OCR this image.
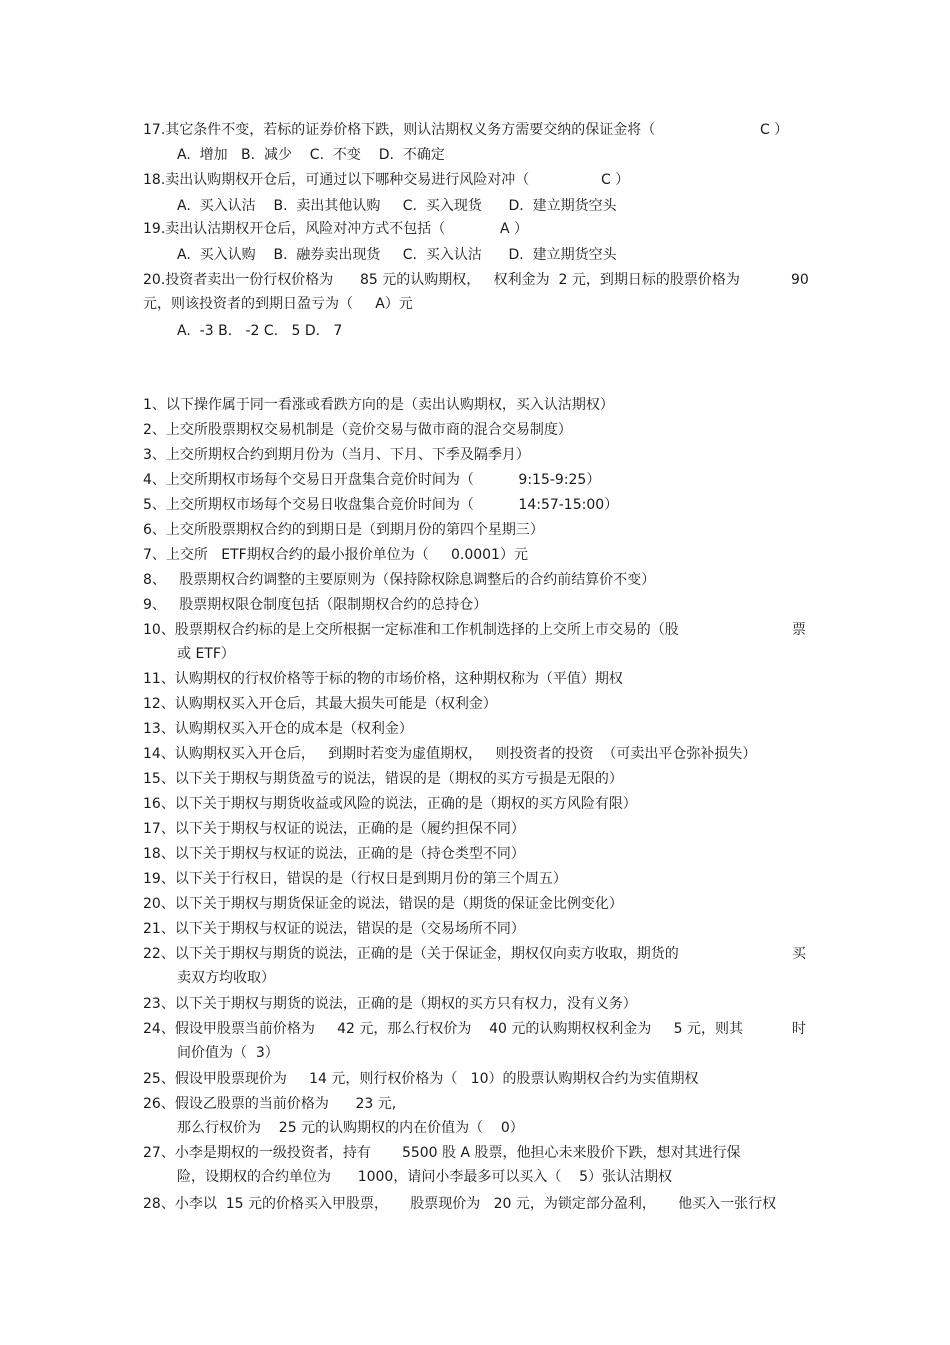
17.其它条件不变，若标的证券价格下跌，则认沽期权义务方需要交纳的保证金将（	C ）
A.  增加   B.  减少    C.  不变    D.  不确定
18.卖出认购期权开仓后，可通过以下哪种交易进行风险对冲（	C ）
A.  买入认沽    B.  卖出其他认购     C.  买入现货      D.  建立期货空头
19.卖出认沽期权开仓后，风险对冲方式不包括（	A ）
A.  买入认购    B.  融券卖出现货     C.  买入认沽      D.  建立期货空头
20.投资者卖出一份行权价格为      85 元的认购期权，   权利金为  2 元，到期日标的股票价格为	90
元，则该投资者的到期日盈亏为（     A）元
A.  -3 B.   -2 C.   5 D.   7
1、以下操作属于同一看涨或看跌方向的是（卖出认购期权，买入认沽期权）
2、上交所股票期权交易机制是（竞价交易与做市商的混合交易制度）
3、上交所期权合约到期月份为（当月、下月、下季及隔季月）
4、上交所期权市场每个交易日开盘集合竞价时间为（          9:15-9:25）
5、上交所期权市场每个交易日收盘集合竞价时间为（          14:57-15:00）
6、上交所股票期权合约的到期日是（到期月份的第四个星期三）
7、上交所   ETF期权合约的最小报价单位为（     0.0001）元
8、   股票期权合约调整的主要原则为（保持除权除息调整后的合约前结算价不变）
9、   股票期权限仓制度包括（限制期权合约的总持仓）
10、股票期权合约标的是上交所根据一定标准和工作机制选择的上交所上市交易的（股	票
或 ETF）
11、认购期权的行权价格等于标的物的市场价格，这种期权称为（平值）期权
12、认购期权买入开仓后，其最大损失可能是（权利金）
13、认购期权买入开仓的成本是（权利金）
14、认购期权买入开仓后，   到期时若变为虚值期权，   则投资者的投资  （可卖出平仓弥补损失）
15、以下关于期权与期货盈亏的说法，错误的是（期权的买方亏损是无限的）
16、以下关于期权与期货收益或风险的说法，正确的是（期权的买方风险有限）
17、以下关于期权与权证的说法，正确的是（履约担保不同）
18、以下关于期权与权证的说法，正确的是（持仓类型不同）
19、以下关于行权日，错误的是（行权日是到期月份的第三个周五）
20、以下关于期权与期货保证金的说法，错误的是（期货的保证金比例变化）
21、以下关于期权与权证的说法，错误的是（交易场所不同）
22、以下关于期权与期货的说法，正确的是（关于保证金，期权仅向卖方收取，期货的	买
卖双方均收取）
23、以下关于期权与期货的说法，正确的是（期权的买方只有权力，没有义务）
24、假设甲股票当前价格为     42 元，那么行权价为    40 元的认购期权权利金为     5 元，则其	时
间价值为（  3）
25、假设甲股票现价为     14 元，则行权价格为（   10）的股票认购期权合约为实值期权
26、假设乙股票的当前价格为      23 元,
那么行权价为    25 元的认购期权的内在价值为（    0）
27、小李是期权的一级投资者，持有       5500 股 A 股票，他担心未来股价下跌，想对其进行保
险，设期权的合约单位为      1000，请问小李最多可以买入（    5）张认沽期权
28、小李以  15 元的价格买入甲股票，     股票现价为   20 元，为锁定部分盈利，     他买入一张行权
